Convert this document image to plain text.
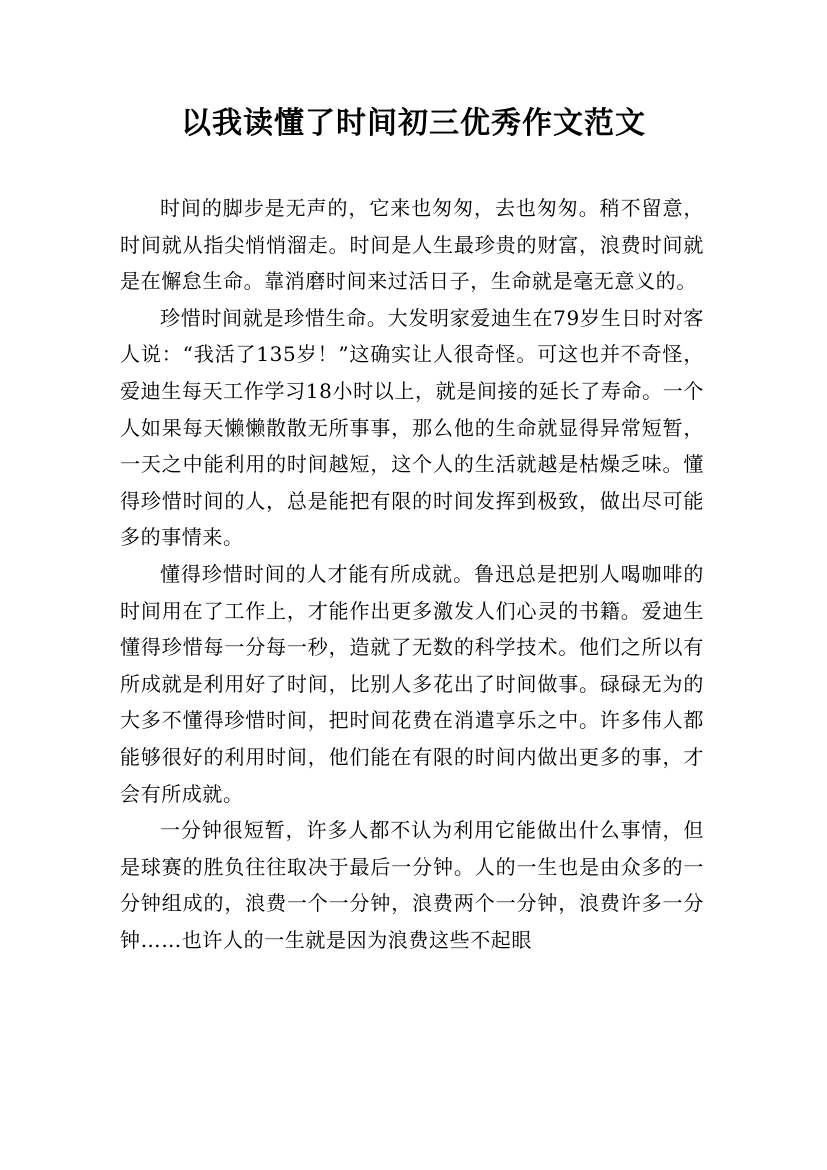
以我读懂了时间初三优秀作文范文

时间的脚步是无声的，它来也匆匆，去也匆匆。稍不留意，时间就从指尖悄悄溜走。时间是人生最珍贵的财富，浪费时间就是在懈怠生命。靠消磨时间来过活日子，生命就是毫无意义的。

珍惜时间就是珍惜生命。大发明家爱迪生在79岁生日时对客人说：“我活了135岁！”这确实让人很奇怪。可这也并不奇怪，爱迪生每天工作学习18小时以上，就是间接的延长了寿命。一个人如果每天懒懒散散无所事事，那么他的生命就显得异常短暂，一天之中能利用的时间越短，这个人的生活就越是枯燥乏味。懂得珍惜时间的人，总是能把有限的时间发挥到极致，做出尽可能多的事情来。

懂得珍惜时间的人才能有所成就。鲁迅总是把别人喝咖啡的时间用在了工作上，才能作出更多激发人们心灵的书籍。爱迪生懂得珍惜每一分每一秒，造就了无数的科学技术。他们之所以有所成就是利用好了时间，比别人多花出了时间做事。碌碌无为的大多不懂得珍惜时间，把时间花费在消遣享乐之中。许多伟人都能够很好的利用时间，他们能在有限的时间内做出更多的事，才会有所成就。

一分钟很短暂，许多人都不认为利用它能做出什么事情，但是球赛的胜负往往取决于最后一分钟。人的一生也是由众多的一分钟组成的，浪费一个一分钟，浪费两个一分钟，浪费许多一分钟……也许人的一生就是因为浪费这些不起眼
